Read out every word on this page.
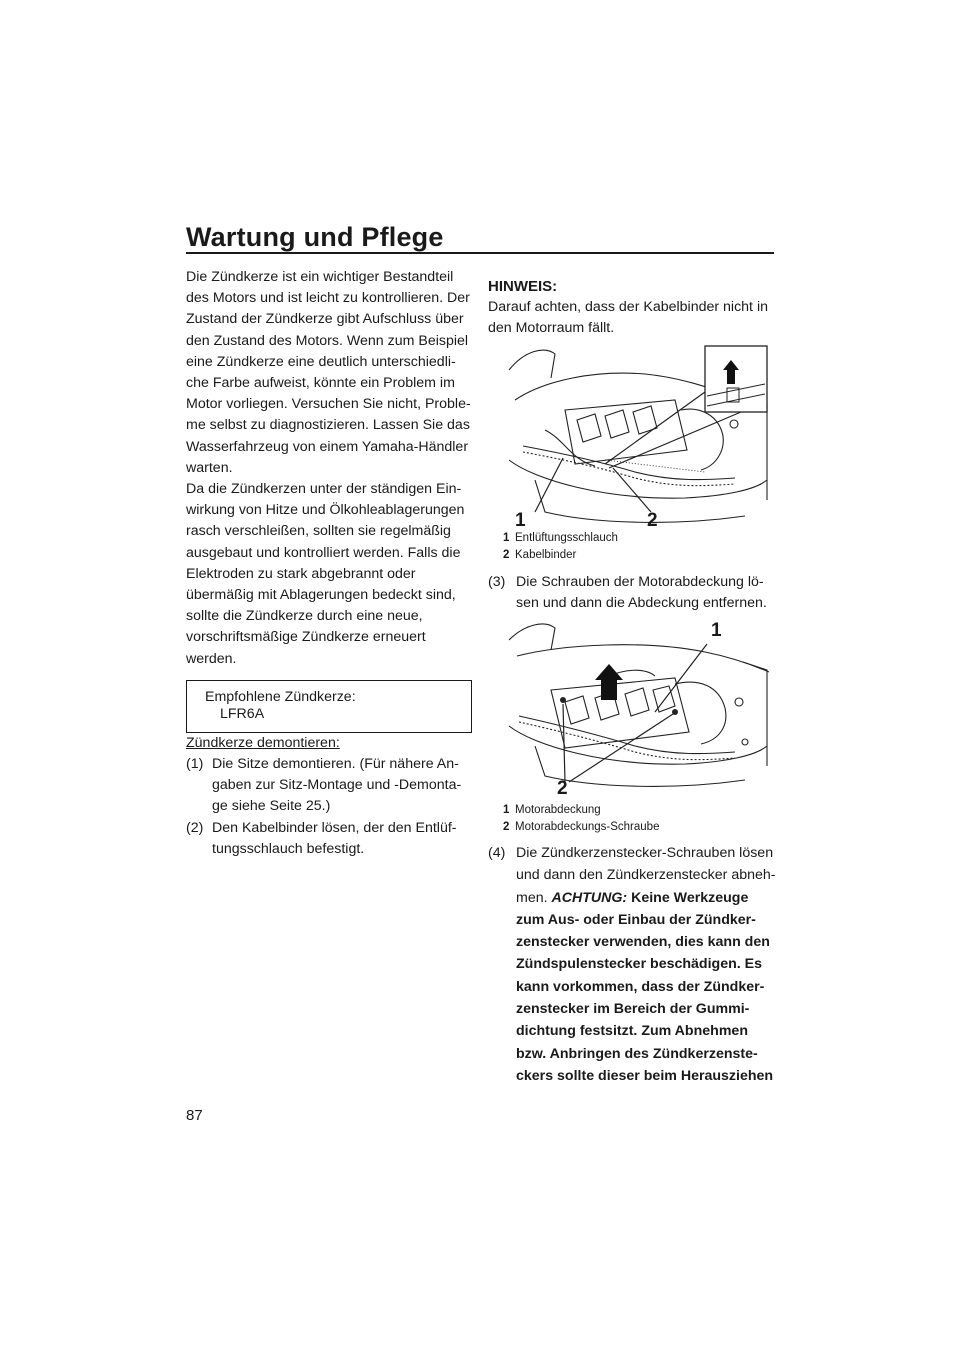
Wartung und Pflege

Die Zündkerze ist ein wichtiger Bestandteil des Motors und ist leicht zu kontrollieren. Der Zustand der Zündkerze gibt Aufschluss über den Zustand des Motors. Wenn zum Beispiel eine Zündkerze eine deutlich unterschiedliche Farbe aufweist, könnte ein Problem im Motor vorliegen. Versuchen Sie nicht, Probleme selbst zu diagnostizieren. Lassen Sie das Wasserfahrzeug von einem Yamaha-Händler warten.

Da die Zündkerzen unter der ständigen Einwirkung von Hitze und Ölkohleablagerungen rasch verschleißen, sollten sie regelmäßig ausgebaut und kontrolliert werden. Falls die Elektroden zu stark abgebrannt oder übermäßig mit Ablagerungen bedeckt sind, sollte die Zündkerze durch eine neue, vorschriftsmäßige Zündkerze erneuert werden.

Empfohlene Zündkerze:
LFR6A

Zündkerze demontieren:

(1) Die Sitze demontieren. (Für nähere Angaben zur Sitz-Montage und -Demontage siehe Seite 25.)
(2) Den Kabelbinder lösen, der den Entlüftungsschlauch befestigt.

HINWEIS:

Darauf achten, dass der Kabelbinder nicht in den Motorraum fällt.

1	2
1 Entlüftungsschlauch
2 Kabelbinder
(3) Die Schrauben der Motorabdeckung lösen und dann die Abdeckung entfernen.
1
2
1 Motorabdeckung
2 Motorabdeckungs-Schraube
(4) Die Zündkerzenstecker-Schrauben lösen und dann den Zündkerzenstecker abnehmen. ACHTUNG: Keine Werkzeuge zum Aus- oder Einbau der Zündkerzenstecker verwenden, dies kann den Zündspulenstecker beschädigen. Es kann vorkommen, dass der Zündkerzenstecker im Bereich der Gummidichtung festsitzt. Zum Abnehmen bzw. Anbringen des Zündkerzensteckers sollte dieser beim Herausziehen
87
